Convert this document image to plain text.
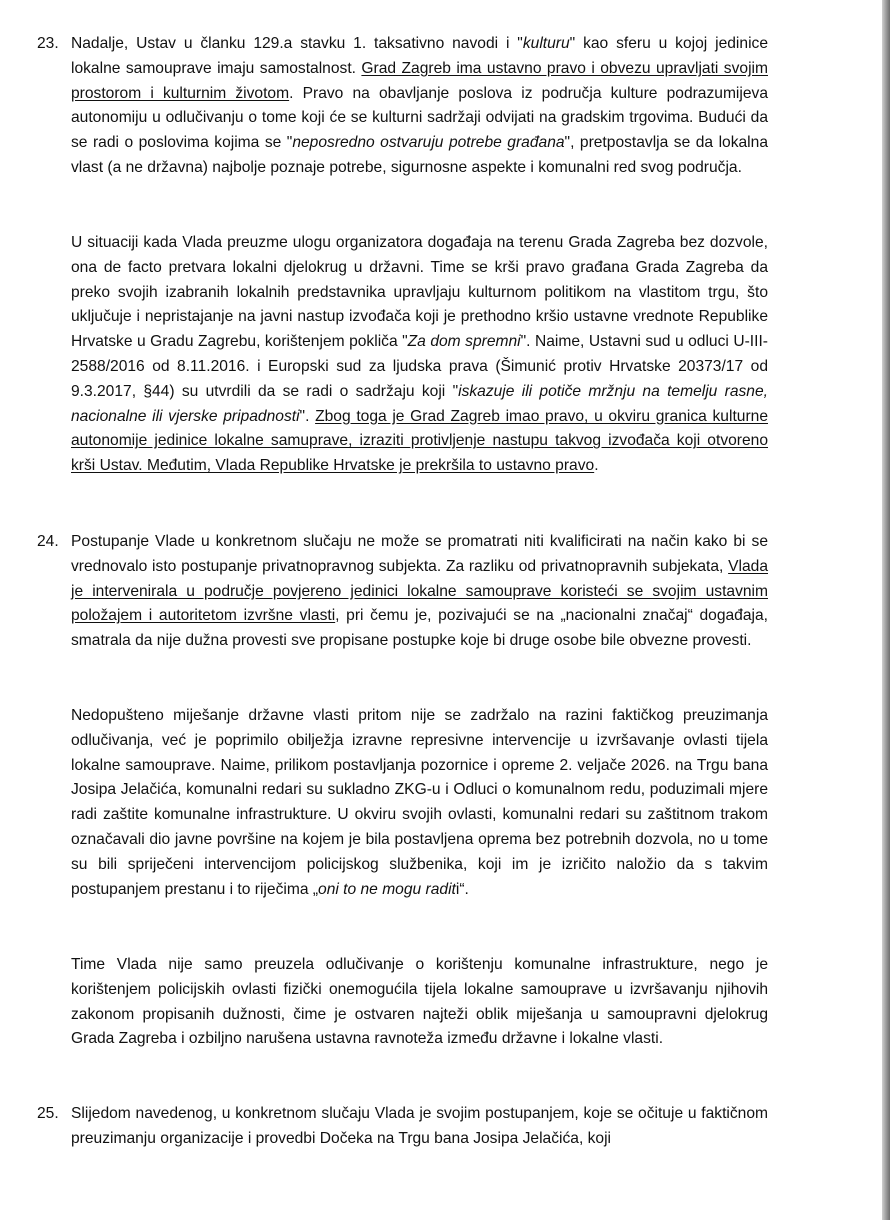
23. Nadalje, Ustav u članku 129.a stavku 1. taksativno navodi i "kulturu" kao sferu u kojoj jedinice lokalne samouprave imaju samostalnost. Grad Zagreb ima ustavno pravo i obvezu upravljati svojim prostorom i kulturnim životom. Pravo na obavljanje poslova iz područja kulture podrazumijeva autonomiju u odlučivanju o tome koji će se kulturni sadržaji odvijati na gradskim trgovima. Budući da se radi o poslovima kojima se "neposredno ostvaruju potrebe građana", pretpostavlja se da lokalna vlast (a ne državna) najbolje poznaje potrebe, sigurnosne aspekte i komunalni red svog područja.

U situaciji kada Vlada preuzme ulogu organizatora događaja na terenu Grada Zagreba bez dozvole, ona de facto pretvara lokalni djelokrug u državni. Time se krši pravo građana Grada Zagreba da preko svojih izabranih lokalnih predstavnika upravljaju kulturnom politikom na vlastitom trgu, što uključuje i nepristajanje na javni nastup izvođača koji je prethodno kršio ustavne vrednote Republike Hrvatske u Gradu Zagrebu, korištenjem pokliča "Za dom spremni". Naime, Ustavni sud u odluci U-III-2588/2016 od 8.11.2016. i Europski sud za ljudska prava (Šimunić protiv Hrvatske 20373/17 od 9.3.2017, §44) su utvrdili da se radi o sadržaju koji "iskazuje ili potiče mržnju na temelju rasne, nacionalne ili vjerske pripadnosti". Zbog toga je Grad Zagreb imao pravo, u okviru granica kulturne autonomije jedinice lokalne samuprave, izraziti protivljenje nastupu takvog izvođača koji otvoreno krši Ustav. Međutim, Vlada Republike Hrvatske je prekršila to ustavno pravo.

24. Postupanje Vlade u konkretnom slučaju ne može se promatrati niti kvalificirati na način kako bi se vrednovalo isto postupanje privatnopravnog subjekta. Za razliku od privatnopravnih subjekata, Vlada je intervenirala u područje povjereno jedinici lokalne samouprave koristeći se svojim ustavnim položajem i autoritetom izvršne vlasti, pri čemu je, pozivajući se na „nacionalni značaj“ događaja, smatrala da nije dužna provesti sve propisane postupke koje bi druge osobe bile obvezne provesti.

Nedopušteno miješanje državne vlasti pritom nije se zadržalo na razini faktičkog preuzimanja odlučivanja, već je poprimilo obilježja izravne represivne intervencije u izvršavanje ovlasti tijela lokalne samouprave. Naime, prilikom postavljanja pozornice i opreme 2. veljače 2026. na Trgu bana Josipa Jelačića, komunalni redari su sukladno ZKG-u i Odluci o komunalnom redu, poduzimali mjere radi zaštite komunalne infrastrukture. U okviru svojih ovlasti, komunalni redari su zaštitnom trakom označavali dio javne površine na kojem je bila postavljena oprema bez potrebnih dozvola, no u tome su bili spriječeni intervencijom policijskog službenika, koji im je izričito naložio da s takvim postupanjem prestanu i to riječima „oni to ne mogu raditi“.

Time Vlada nije samo preuzela odlučivanje o korištenju komunalne infrastrukture, nego je korištenjem policijskih ovlasti fizički onemogućila tijela lokalne samouprave u izvršavanju njihovih zakonom propisanih dužnosti, čime je ostvaren najteži oblik miješanja u samoupravni djelokrug Grada Zagreba i ozbiljno narušena ustavna ravnoteža između državne i lokalne vlasti.

25. Slijedom navedenog, u konkretnom slučaju Vlada je svojim postupanjem, koje se očituje u faktičnom preuzimanju organizacije i provedbi Dočeka na Trgu bana Josipa Jelačića, koji
